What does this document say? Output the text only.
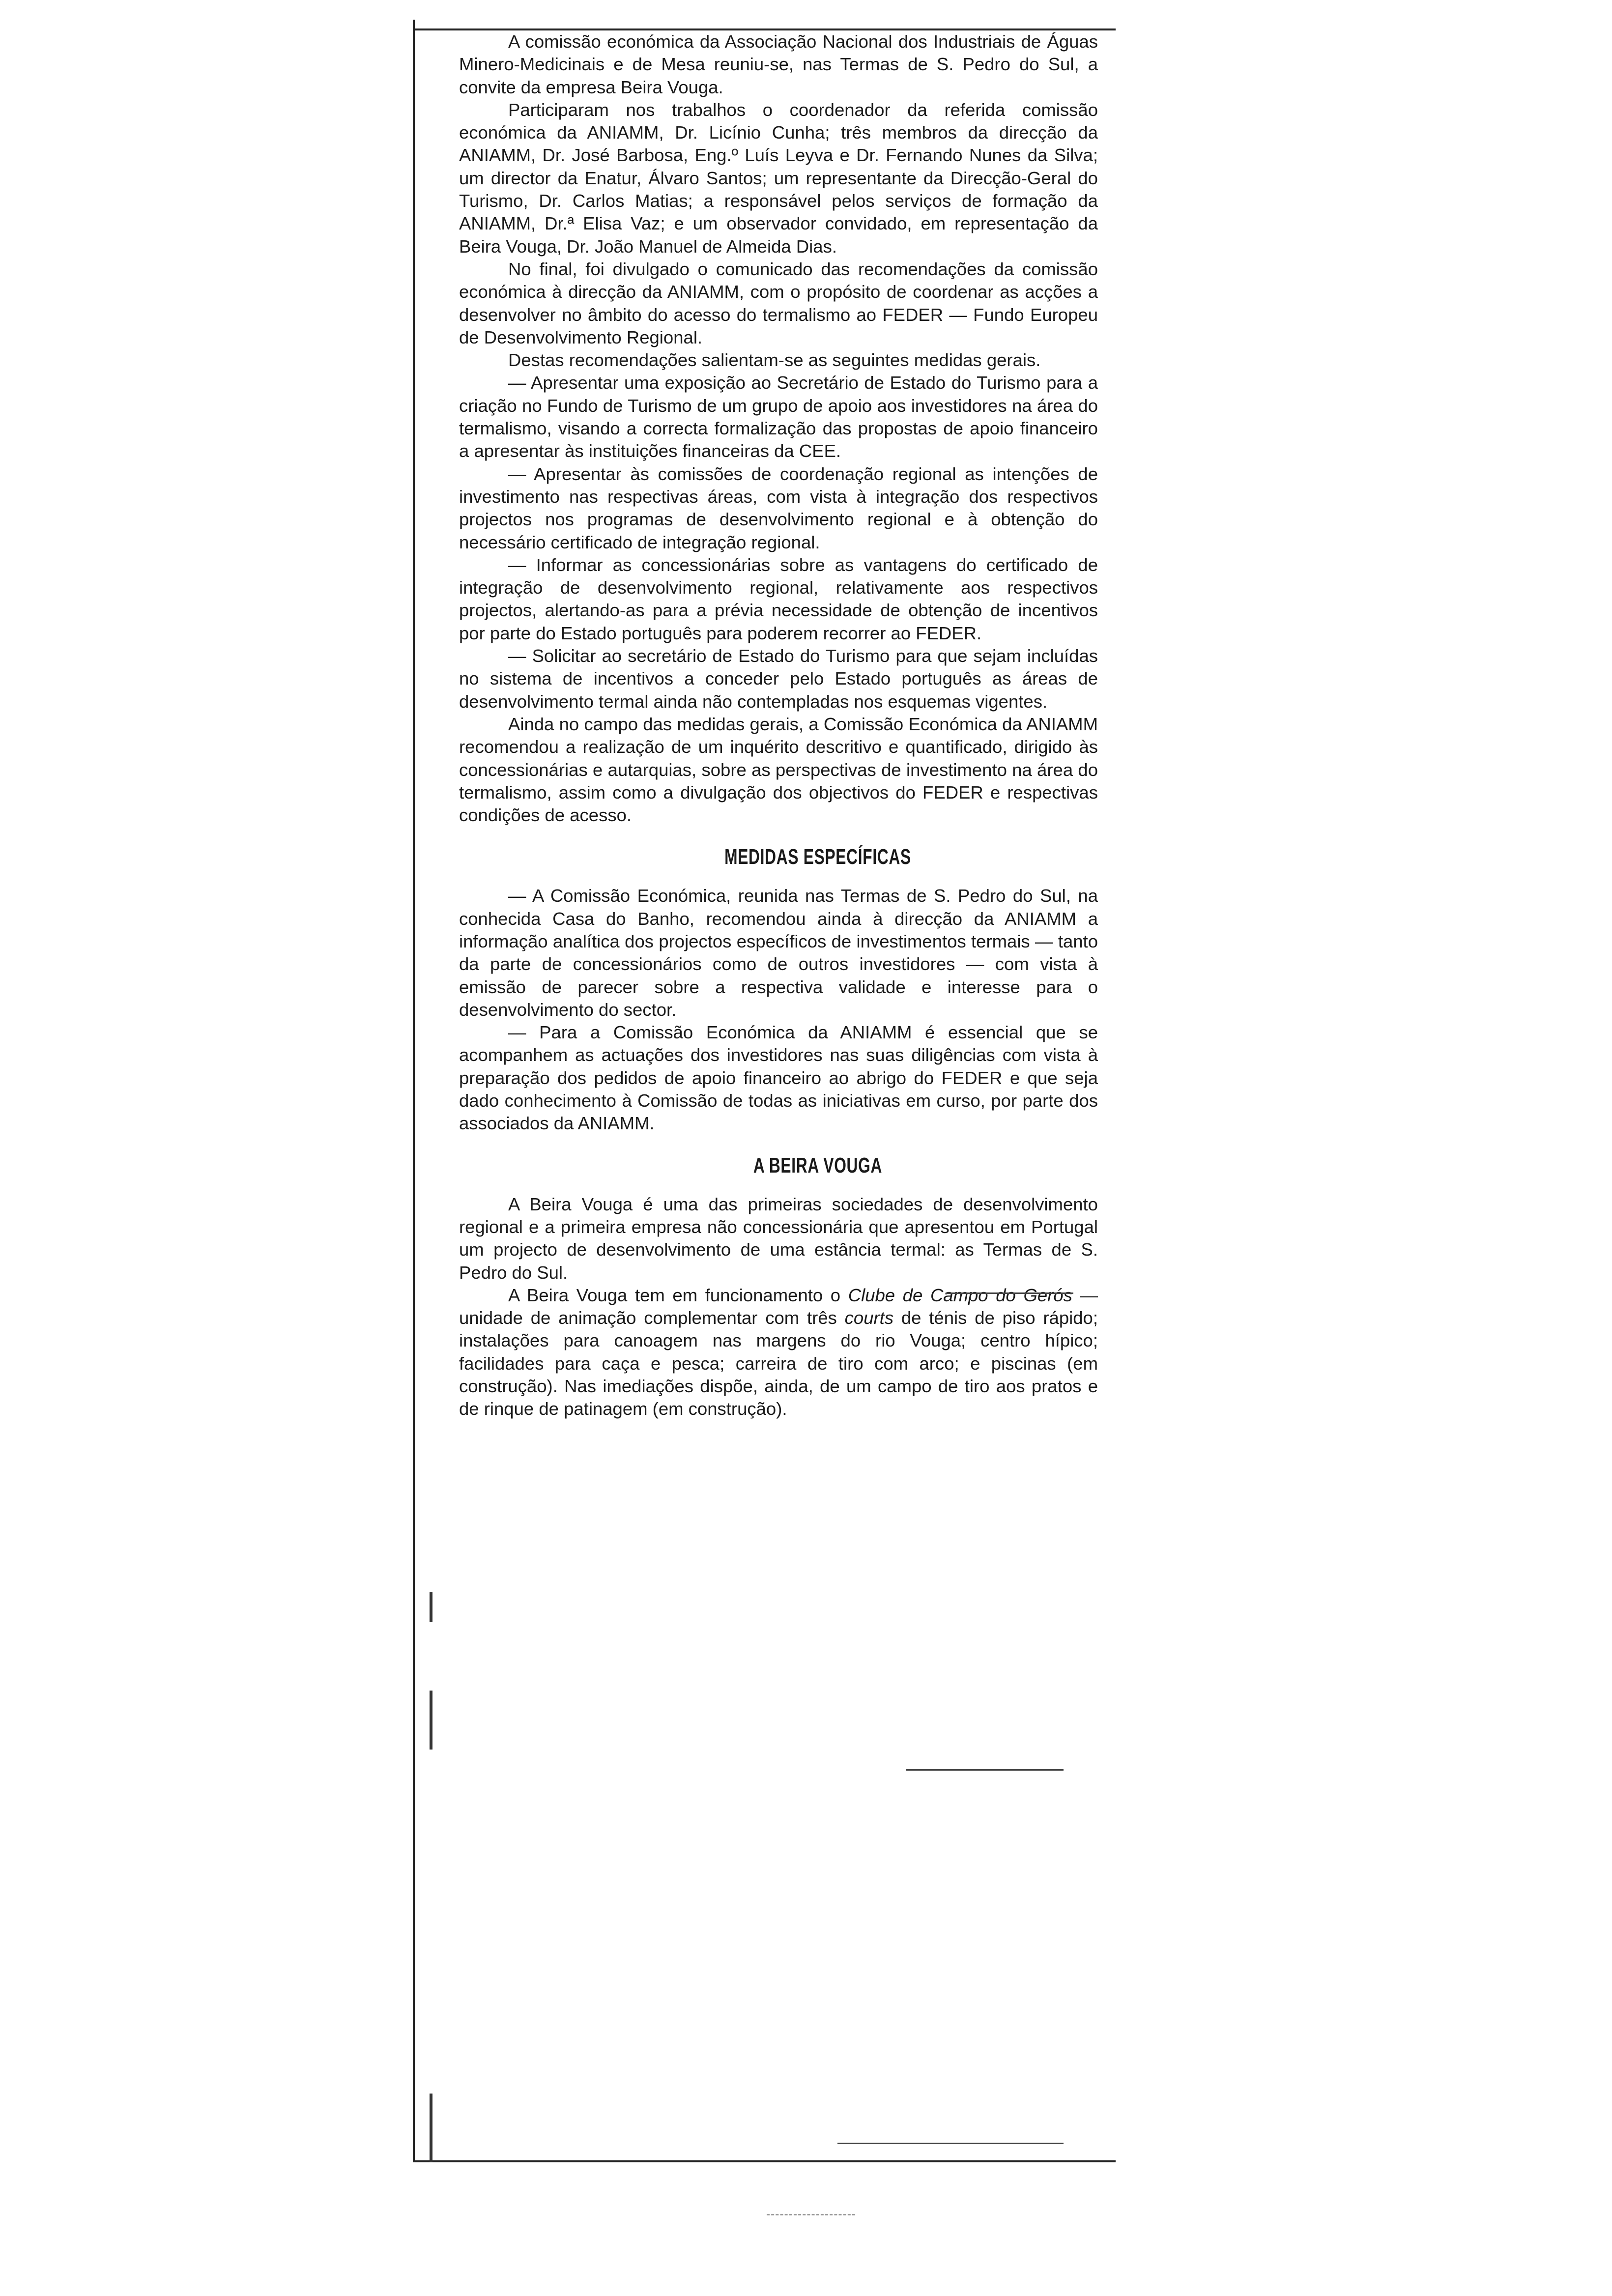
A comissão económica da Associação Nacional dos Industriais de Águas Minero-Medicinais e de Mesa reuniu-se, nas Termas de S. Pedro do Sul, a convite da empresa Beira Vouga.

Participaram nos trabalhos o coordenador da referida comissão económica da ANIAMM, Dr. Licínio Cunha; três membros da direcção da ANIAMM, Dr. José Barbosa, Eng.º Luís Leyva e Dr. Fernando Nunes da Silva; um director da Enatur, Álvaro Santos; um representante da Direcção-Geral do Turismo, Dr. Carlos Matias; a responsável pelos serviços de formação da ANIAMM, Dr.ª Elisa Vaz; e um observador convidado, em representação da Beira Vouga, Dr. João Manuel de Almeida Dias.

No final, foi divulgado o comunicado das recomendações da comissão económica à direcção da ANIAMM, com o propósito de coordenar as acções a desenvolver no âmbito do acesso do termalismo ao FEDER — Fundo Europeu de Desenvolvimento Regional.

Destas recomendações salientam-se as seguintes medidas gerais.

— Apresentar uma exposição ao Secretário de Estado do Turismo para a criação no Fundo de Turismo de um grupo de apoio aos investidores na área do termalismo, visando a correcta formalização das propostas de apoio financeiro a apresentar às instituições financeiras da CEE.

— Apresentar às comissões de coordenação regional as intenções de investimento nas respectivas áreas, com vista à integração dos respectivos projectos nos programas de desenvolvimento regional e à obtenção do necessário certificado de integração regional.

— Informar as concessionárias sobre as vantagens do certificado de integração de desenvolvimento regional, relativamente aos respectivos projectos, alertando-as para a prévia necessidade de obtenção de incentivos por parte do Estado português para poderem recorrer ao FEDER.

— Solicitar ao secretário de Estado do Turismo para que sejam incluídas no sistema de incentivos a conceder pelo Estado português as áreas de desenvolvimento termal ainda não contempladas nos esquemas vigentes.

Ainda no campo das medidas gerais, a Comissão Económica da ANIAMM recomendou a realização de um inquérito descritivo e quantificado, dirigido às concessionárias e autarquias, sobre as perspectivas de investimento na área do termalismo, assim como a divulgação dos objectivos do FEDER e respectivas condições de acesso.

MEDIDAS ESPECÍFICAS

— A Comissão Económica, reunida nas Termas de S. Pedro do Sul, na conhecida Casa do Banho, recomendou ainda à direcção da ANIAMM a informação analítica dos projectos específicos de investimentos termais — tanto da parte de concessionários como de outros investidores — com vista à emissão de parecer sobre a respectiva validade e interesse para o desenvolvimento do sector.

— Para a Comissão Económica da ANIAMM é essencial que se acompanhem as actuações dos investidores nas suas diligências com vista à preparação dos pedidos de apoio financeiro ao abrigo do FEDER e que seja dado conhecimento à Comissão de todas as iniciativas em curso, por parte dos associados da ANIAMM.

A BEIRA VOUGA

A Beira Vouga é uma das primeiras sociedades de desenvolvimento regional e a primeira empresa não concessionária que apresentou em Portugal um projecto de desenvolvimento de uma estância termal: as Termas de S. Pedro do Sul.

A Beira Vouga tem em funcionamento o Clube de Campo do Gerós — unidade de animação complementar com três courts de ténis de piso rápido; instalações para canoagem nas margens do rio Vouga; centro hípico; facilidades para caça e pesca; carreira de tiro com arco; e piscinas (em construção). Nas imediações dispõe, ainda, de um campo de tiro aos pratos e de rinque de patinagem (em construção).
